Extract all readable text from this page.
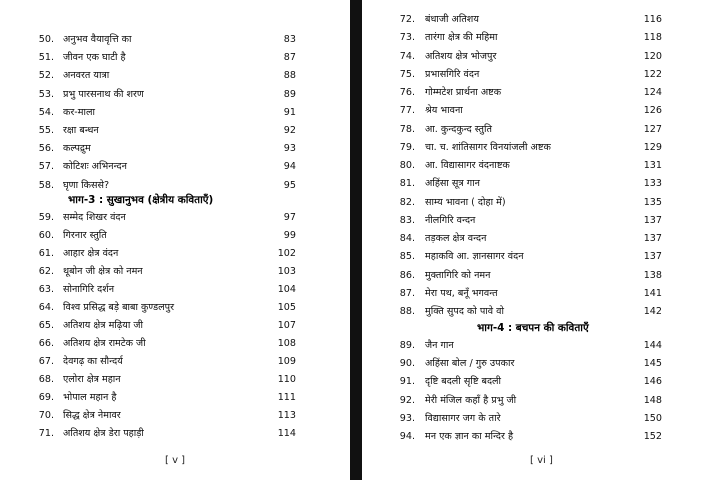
50. अनुभव वैयावृत्ति का	83
51. जीवन एक घाटी है	87
52. अनवरत यात्रा	88
53. प्रभु पारसनाथ की शरण	89
54. कर-माला	91
55. रक्षा बन्धन	92
56. कल्पद्रुम	93
57. कोटिशः अभिनन्दन	94
58. घृणा किससे?	95
59. सम्मेद शिखर वंदन	97
60. गिरनार स्तुति	99
61. आहार क्षेत्र वंदन	102
62. थूबोन जी क्षेत्र को नमन	103
63. सोनागिरि दर्शन	104
64. विश्व प्रसिद्ध बड़े बाबा कुण्डलपुर	105
65. अतिशय क्षेत्र मढ़िया जी	107
66. अतिशय क्षेत्र रामटेक जी	108
67. देवगढ़ का सौन्दर्य	109
68. एलोरा क्षेत्र महान	110
69. भोपाल महान है	111
70. सिद्ध क्षेत्र नेमावर	113
71. अतिशय क्षेत्र डेरा पहाड़ी	114
भाग-3 : सुखानुभव (क्षेत्रीय कविताएँ)
[ v ]
72. बंधाजी अतिशय	116
73. तारंगा क्षेत्र की महिमा	118
74. अतिशय क्षेत्र भोजपुर	120
75. प्रभासगिरि वंदन	122
76. गोम्मटेश प्रार्थना अष्टक	124
77. श्रेय भावना	126
78. आ. कुन्दकुन्द स्तुति	127
79. चा. च. शांतिसागर विनयांजली अष्टक	129
80. आ. विद्यासागर वंदनाष्टक	131
81. अहिंसा सूत्र गान	133
82. साम्य भावना ( दोहा में)	135
83. नीलगिरि वन्दन	137
84. तड़कल क्षेत्र वन्दन	137
85. महाकवि आ. ज्ञानसागर वंदन	137
86. मुक्तागिरि को नमन	138
87. मेरा पथ, बनूँ भगवन्त	141
88. मुक्ति सुपद को पावे वो	142
89. जैन गान	144
90. अहिंसा बोल / गुरु उपकार	145
91. दृष्टि बदली सृष्टि बदली	146
92. मेरी मंजिल कहाँ है प्रभु जी	148
93. विद्यासागर जग के तारे	150
94. मन एक ज्ञान का मन्दिर है	152
भाग-4 : बचपन की कविताएँ
[ vi ]
